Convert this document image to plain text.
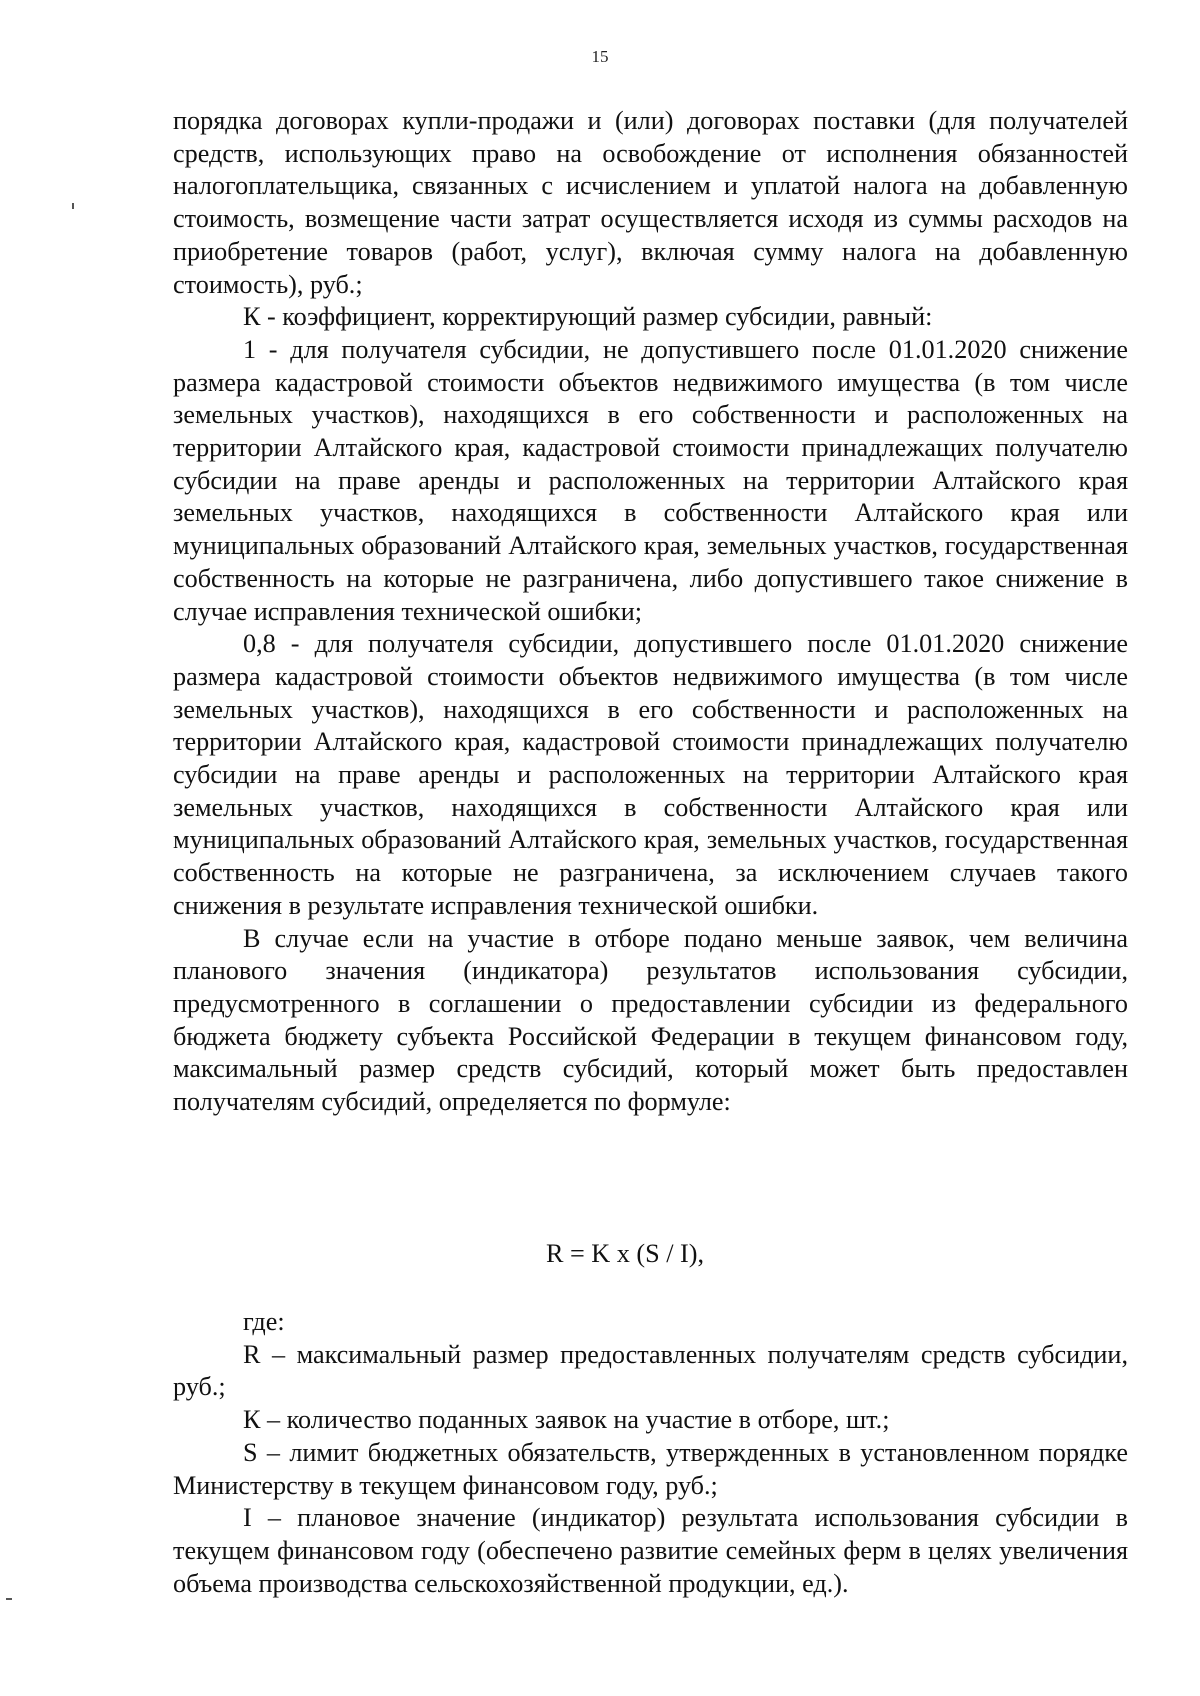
15

порядка договорах купли-продажи и (или) договорах поставки (для получателей средств, использующих право на освобождение от исполнения обязанностей налогоплательщика, связанных с исчислением и уплатой налога на добавленную стоимость, возмещение части затрат осуществляется исходя из суммы расходов на приобретение товаров (работ, услуг), включая сумму налога на добавленную стоимость), руб.;

К - коэффициент, корректирующий размер субсидии, равный:

1 - для получателя субсидии, не допустившего после 01.01.2020 снижение размера кадастровой стоимости объектов недвижимого имущества (в том числе земельных участков), находящихся в его собственности и расположенных на территории Алтайского края, кадастровой стоимости принадлежащих получателю субсидии на праве аренды и расположенных на территории Алтайского края земельных участков, находящихся в собственности Алтайского края или муниципальных образований Алтайского края, земельных участков, государственная собственность на которые не разграничена, либо допустившего такое снижение в случае исправления технической ошибки;

0,8 - для получателя субсидии, допустившего после 01.01.2020 снижение размера кадастровой стоимости объектов недвижимого имущества (в том числе земельных участков), находящихся в его собственности и расположенных на территории Алтайского края, кадастровой стоимости принадлежащих получателю субсидии на праве аренды и расположенных на территории Алтайского края земельных участков, находящихся в собственности Алтайского края или муниципальных образований Алтайского края, земельных участков, государственная собственность на которые не разграничена, за исключением случаев такого снижения в результате исправления технической ошибки.

В случае если на участие в отборе подано меньше заявок, чем величина планового значения (индикатора) результатов использования субсидии, предусмотренного в соглашении о предоставлении субсидии из федерального бюджета бюджету субъекта Российской Федерации в текущем финансовом году, максимальный размер средств субсидий, который может быть предоставлен получателям субсидий, определяется по формуле:

R = K x (S / I),

где:

R – максимальный размер предоставленных получателям средств субсидии, руб.;

К – количество поданных заявок на участие в отборе, шт.;

S – лимит бюджетных обязательств, утвержденных в установленном порядке Министерству в текущем финансовом году, руб.;

I – плановое значение (индикатор) результата использования субсидии в текущем финансовом году (обеспечено развитие семейных ферм в целях увеличения объема производства сельскохозяйственной продукции, ед.).
